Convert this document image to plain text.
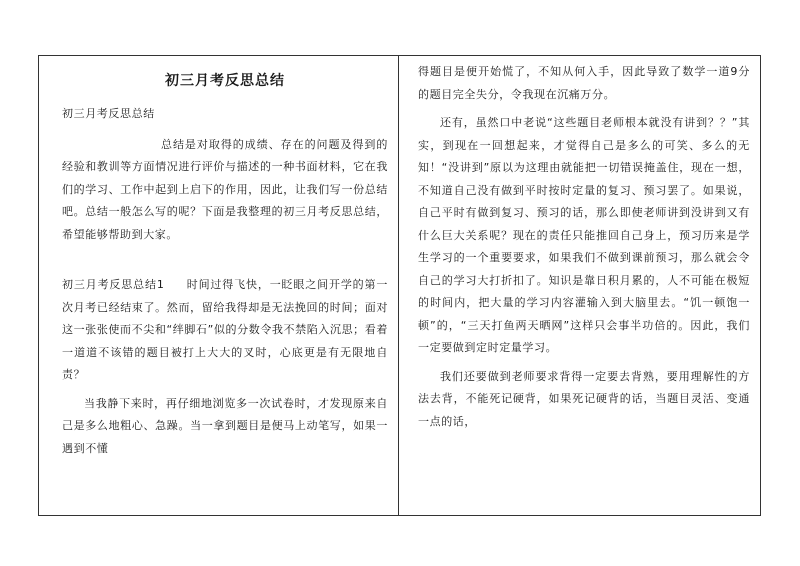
初三月考反思总结
初三月考反思总结

总结是对取得的成绩、存在的问题及得到的经验和教训等方面情况进行评价与描述的一种书面材料，它在我们的学习、工作中起到上启下的作用，因此，让我们写一份总结吧。总结一般怎么写的呢？下面是我整理的初三月考反思总结，希望能够帮助到大家。

初三月考反思总结1 时间过得飞快，一眨眼之间开学的第一次月考已经结束了。然而，留给我得却是无法挽回的时间；面对这一张张使而不尖和“绊脚石”似的分数令我不禁陷入沉思；看着一道道不该错的题目被打上大大的叉时，心底更是有无限地自责？

当我静下来时，再仔细地浏览多一次试卷时，才发现原来自己是多么地粗心、急躁。当一拿到题目是便马上动笔写，如果一遇到不懂

得题目是便开始慌了，不知从何入手，因此导致了数学一道9分的题目完全失分，令我现在沉痛万分。

还有，虽然口中老说“这些题目老师根本就没有讲到？？”其实，到现在一回想起来，才觉得自己是多么的可笑、多么的无知！“没讲到”原以为这理由就能把一切错误掩盖住，现在一想，不知道自己没有做到平时按时定量的复习、预习罢了。如果说，自己平时有做到复习、预习的话，那么即使老师讲到没讲到又有什么巨大关系呢？现在的责任只能推回自己身上，预习历来是学生学习的一个重要要求，如果我们不做到课前预习，那么就会令自己的学习大打折扣了。知识是靠日积月累的，人不可能在极短的时间内，把大量的学习内容灌输入到大脑里去。“饥一顿饱一顿”的，“三天打鱼两天晒网”这样只会事半功倍的。因此，我们一定要做到定时定量学习。

我们还要做到老师要求背得一定要去背熟，要用理解性的方法去背，不能死记硬背，如果死记硬背的话，当题目灵活、变通一点的话，
